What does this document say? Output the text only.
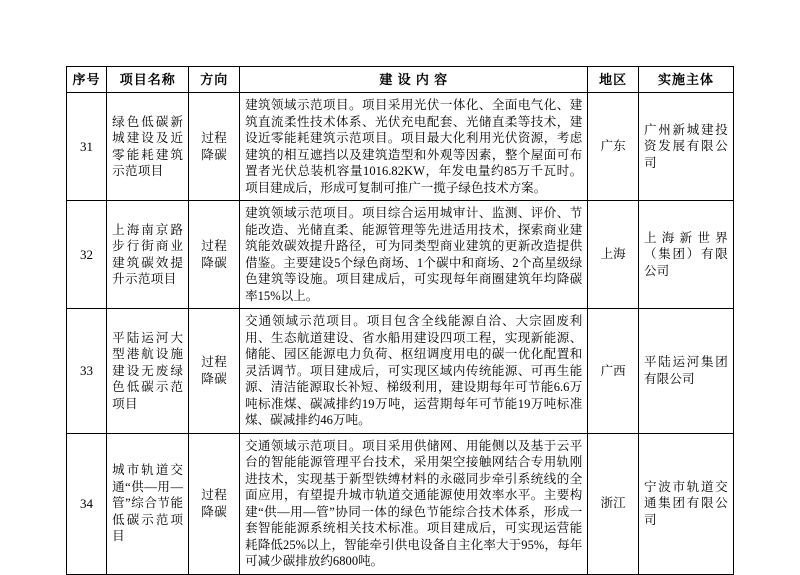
序号	项目名称	方向	建 设 内 容	地区	实施主体
31	绿色低碳新城建设及近零能耗建筑示范项目	过程降碳	建筑领域示范项目。项目采用光伏一体化、全面电气化、建筑直流柔性技术体系、光伏充电配套、光储直柔等技术，建设近零能耗建筑示范项目。项目最大化利用光伏资源，考虑建筑的相互遮挡以及建筑造型和外观等因素，整个屋面可布置者光伏总装机容量1016.82KW，年发电量约85万千瓦时。项目建成后，形成可复制可推广一揽子绿色技术方案。	广东	广州新城建投资发展有限公司
32	上海南京路步行街商业建筑碳效提升示范项目	过程降碳	建筑领域示范项目。项目综合运用城审计、监测、评价、节能改造、光储直柔、能源管理等先进适用技术，探索商业建筑能效碳效提升路径，可为同类型商业建筑的更新改造提供借鉴。主要建设5个绿色商场、1个碳中和商场、2个高星级绿色建筑等设施。项目建成后，可实现每年商圈建筑年均降碳率15%以上。	上海	上海新世界（集团）有限公司
33	平陆运河大型港航设施建设无废绿色低碳示范项目	过程降碳	交通领域示范项目。项目包含全线能源自洽、大宗固废利用、生态航道建设、省水船用建设四项工程，实现新能源、储能、园区能源电力负荷、枢纽调度用电的碳一优化配置和灵活调节。项目建成后，可实现区域内传统能源、可再生能源、清洁能源取长补短、梯级利用，建设期每年可节能6.6万吨标准煤、碳减排约19万吨，运营期每年可节能19万吨标准煤、碳减排约46万吨。	广西	平陆运河集团有限公司
34	城市轨道交通“供—用—管”综合节能低碳示范项目	过程降碳	交通领域示范项目。项目采用供储网、用能侧以及基于云平台的智能能源管理平台技术，采用架空接触网结合专用轨刚进技术，实现基于新型铁缚材料的永磁同步牵引系统线的全面应用，有望提升城市轨道交通能源使用效率水平。主要构建“供—用—管”协同一体的绿色节能综合技术体系，形成一套智能能源系统相关技术标准。项目建成后，可实现运营能耗降低25%以上，智能牵引供电设备自主化率大于95%，每年可减少碳排放约6800吨。	浙江	宁波市轨道交通集团有限公司
